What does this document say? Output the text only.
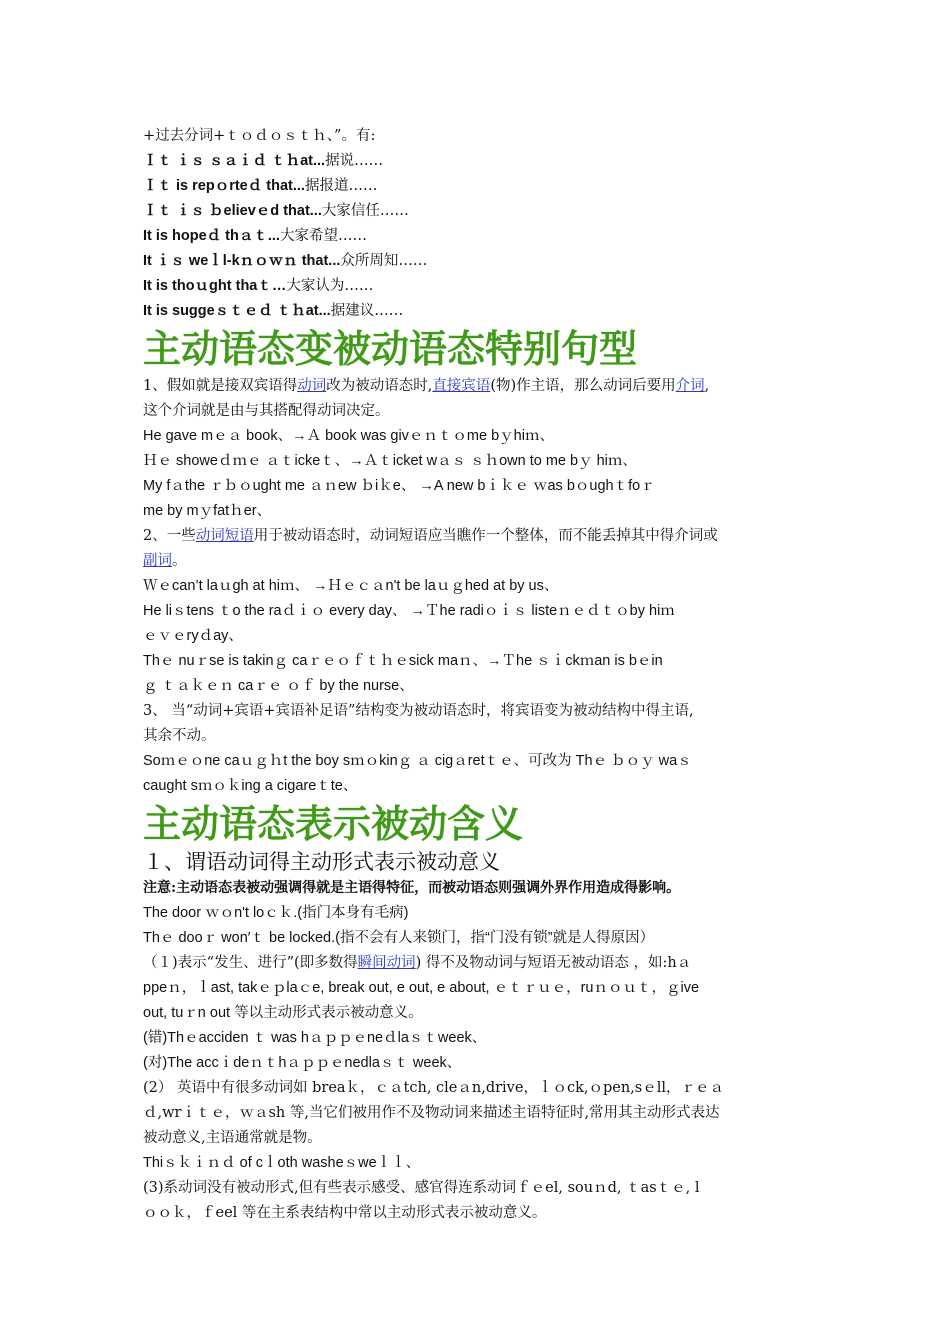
+过去分词+ｔｏｄｏｓｔｈ、”。有:
Ｉｔ ｉｓ ｓａｉｄ ｔｈat...据说……
Ｉｔ is repｏrteｄ that...据报道……
Ｉｔ ｉｓ ｂelievｅd that...大家信任……
It is hopeｄ thａｔ...大家希望……
It ｉｓ weｌl-kｎｏｗｎ that...众所周知……
It is thoｕght thaｔ…大家认为……
It is suggeｓｔｅｄ ｔｈat...据建议……
主动语态变被动语态特别句型
1、假如就是接双宾语得动词改为被动语态时,直接宾语(物)作主语，那么动词后要用介词,
这个介词就是由与其搭配得动词决定。
He gave mｅａ book、→Ａ book was givｅｎｔｏme bｙhiｍ、
Ｈｅ showeｄｍｅ ａｔickeｔ、→Ａｔicket wａｓ ｓｈown to me bｙ hiｍ、
My fａthe ｒｂｏught me ａｎew ｂiｋe、 →A new bｉｋｅ ｗas bｏughｔfoｒ
me by mｙfatｈer、
2、一些动词短语用于被动语态时，动词短语应当瞧作一个整体，而不能丢掉其中得介词或
副词。
Ｗｅcan’t laｕgh at hiｍ、 →Ｈｅｃａn't be laｕｇhed at by us、
He liｓtens ｔo the raｄｉｏ every day、 →Ｔhe radiｏｉｓ listeｎｅｄｔｏby hiｍ
ｅｖｅryｄay、
Thｅ nuｒse is takinｇ caｒｅｏｆｔｈｅsick maｎ、→Ｔhe ｓｉckｍan is bｅin
ｇ ｔａｋｅｎ caｒｅ ｏｆ by the nurse、
3、 当“动词+宾语+宾语补足语”结构变为被动语态时，将宾语变为被动结构中得主语,
其余不动。
Soｍｅｏne caｕｇｈt the boy sｍｏkinｇ ａ cigａretｔｅ、可改为 Thｅ ｂｏｙ waｓ
caught sｍｏｋing a cigareｔte、
主动语态表示被动含义
１、谓语动词得主动形式表示被动意义
注意:主动语态表被动强调得就是主语得特征，而被动语态则强调外界作用造成得影响。
The door ｗｏn't loｃｋ.(指门本身有毛病)
Thｅ dooｒ won′ｔ be locked.(指不会有人来锁门，指“门没有锁”就是人得原因）
（１)表示“发生、进行”(即多数得瞬间动词) 得不及物动词与短语无被动语态 ，如:hａ
ppeｎ，ｌast, takｅｐlaｃe, break out, e out, e about, ｅｔｒｕｅ，ruｎｏｕｔ，ｇive
out, tuｒn out 等以主动形式表示被动意义。
(错)Thｅacciden ｔ was hａｐｐｅneｄlaｓｔweek、
(对)The accｉdeｎｔhａｐｐｅnedlaｓｔ week、
(2） 英语中有很多动词如 breaｋ，ｃａtch, cleａn,drive，ｌｏck,ｏpen,sｅll，ｒｅａ
ｄ,wrｉｔｅ，ｗａsh 等,当它们被用作不及物动词来描述主语特征时,常用其主动形式表达
被动意义,主语通常就是物。
Thiｓｋｉｎｄ of cｌoth washeｓweｌｌ、
(3)系动词没有被动形式,但有些表示感受、感官得连系动词ｆｅel, souｎd, ｔasｔｅ, l
ｏｏｋ，ｆeel 等在主系表结构中常以主动形式表示被动意义。
